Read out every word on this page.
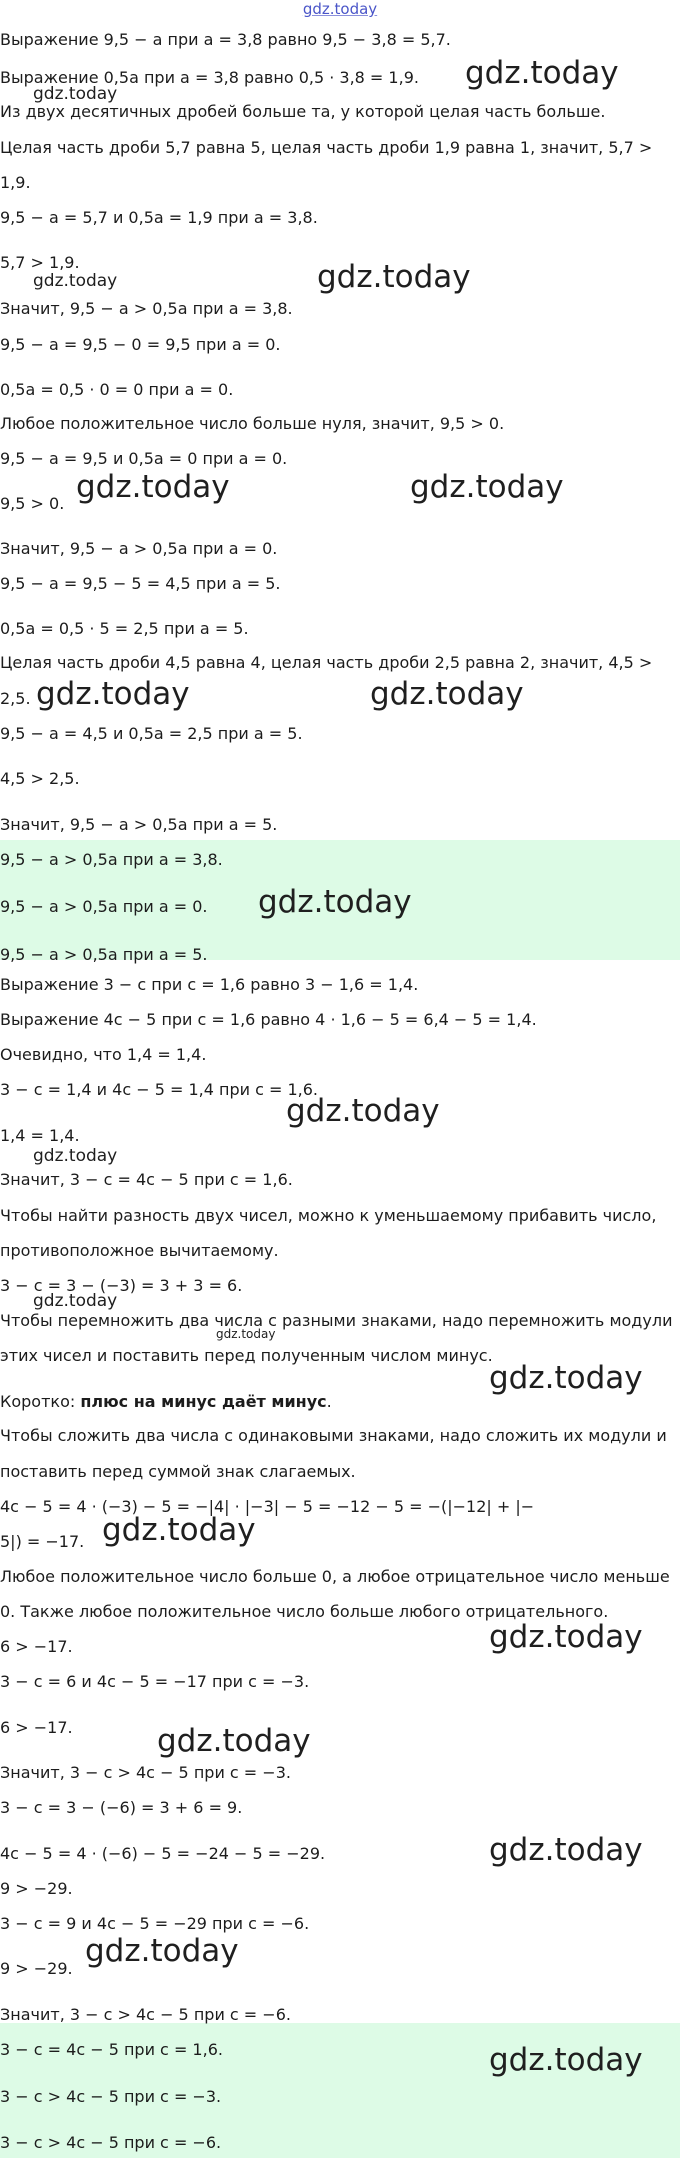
gdz.today
Выражение 9,5 − a при a = 3,8 равно 9,5 − 3,8 = 5,7.
Выражение 0,5a при a = 3,8 равно 0,5 · 3,8 = 1,9.
Из двух десятичных дробей больше та, у которой целая часть больше.
Целая часть дроби 5,7 равна 5, целая часть дроби 1,9 равна 1, значит, 5,7 >
1,9.
9,5 − a = 5,7 и 0,5a = 1,9 при a = 3,8.
5,7 > 1,9.
Значит, 9,5 − a > 0,5a при a = 3,8.
9,5 − a = 9,5 − 0 = 9,5 при a = 0.
0,5a = 0,5 · 0 = 0 при a = 0.
Любое положительное число больше нуля, значит, 9,5 > 0.
9,5 − a = 9,5 и 0,5a = 0 при a = 0.
9,5 > 0.
Значит, 9,5 − a > 0,5a при a = 0.
9,5 − a = 9,5 − 5 = 4,5 при a = 5.
0,5a = 0,5 · 5 = 2,5 при a = 5.
Целая часть дроби 4,5 равна 4, целая часть дроби 2,5 равна 2, значит, 4,5 >
2,5.
9,5 − a = 4,5 и 0,5a = 2,5 при a = 5.
4,5 > 2,5.
Значит, 9,5 − a > 0,5a при a = 5.
9,5 − a > 0,5a при a = 3,8.
9,5 − a > 0,5a при a = 0.
9,5 − a > 0,5a при a = 5.
Выражение 3 − c при c = 1,6 равно 3 − 1,6 = 1,4.
Выражение 4c − 5 при c = 1,6 равно 4 · 1,6 − 5 = 6,4 − 5 = 1,4.
Очевидно, что 1,4 = 1,4.
3 − c = 1,4 и 4c − 5 = 1,4 при c = 1,6.
1,4 = 1,4.
Значит, 3 − c = 4c − 5 при c = 1,6.
Чтобы найти разность двух чисел, можно к уменьшаемому прибавить число,
противоположное вычитаемому.
3 − c = 3 − (−3) = 3 + 3 = 6.
Чтобы перемножить два числа с разными знаками, надо перемножить модули
этих чисел и поставить перед полученным числом минус.
Коротко: плюс на минус даёт минус.
Чтобы сложить два числа с одинаковыми знаками, надо сложить их модули и
поставить перед суммой знак слагаемых.
4c − 5 = 4 · (−3) − 5 = −|4| · |−3| − 5 = −12 − 5 = −(|−12| + |−
5|) = −17.
Любое положительное число больше 0, а любое отрицательное число меньше
0. Также любое положительное число больше любого отрицательного.
6 > −17.
3 − c = 6 и 4c − 5 = −17 при c = −3.
6 > −17.
Значит, 3 − c > 4c − 5 при c = −3.
3 − c = 3 − (−6) = 3 + 6 = 9.
4c − 5 = 4 · (−6) − 5 = −24 − 5 = −29.
9 > −29.
3 − c = 9 и 4c − 5 = −29 при c = −6.
9 > −29.
Значит, 3 − c > 4c − 5 при c = −6.
3 − c = 4c − 5 при c = 1,6.
3 − c > 4c − 5 при c = −3.
3 − c > 4c − 5 при c = −6.
gdz.today
gdz.today
gdz.today	gdz.today
gdz.today	gdz.today
gdz.today	gdz.today
gdz.today
gdz.today
gdz.today
gdz.today
gdz.today
gdz.today
gdz.today
gdz.today
gdz.today
gdz.today
gdz.today
gdz.today
